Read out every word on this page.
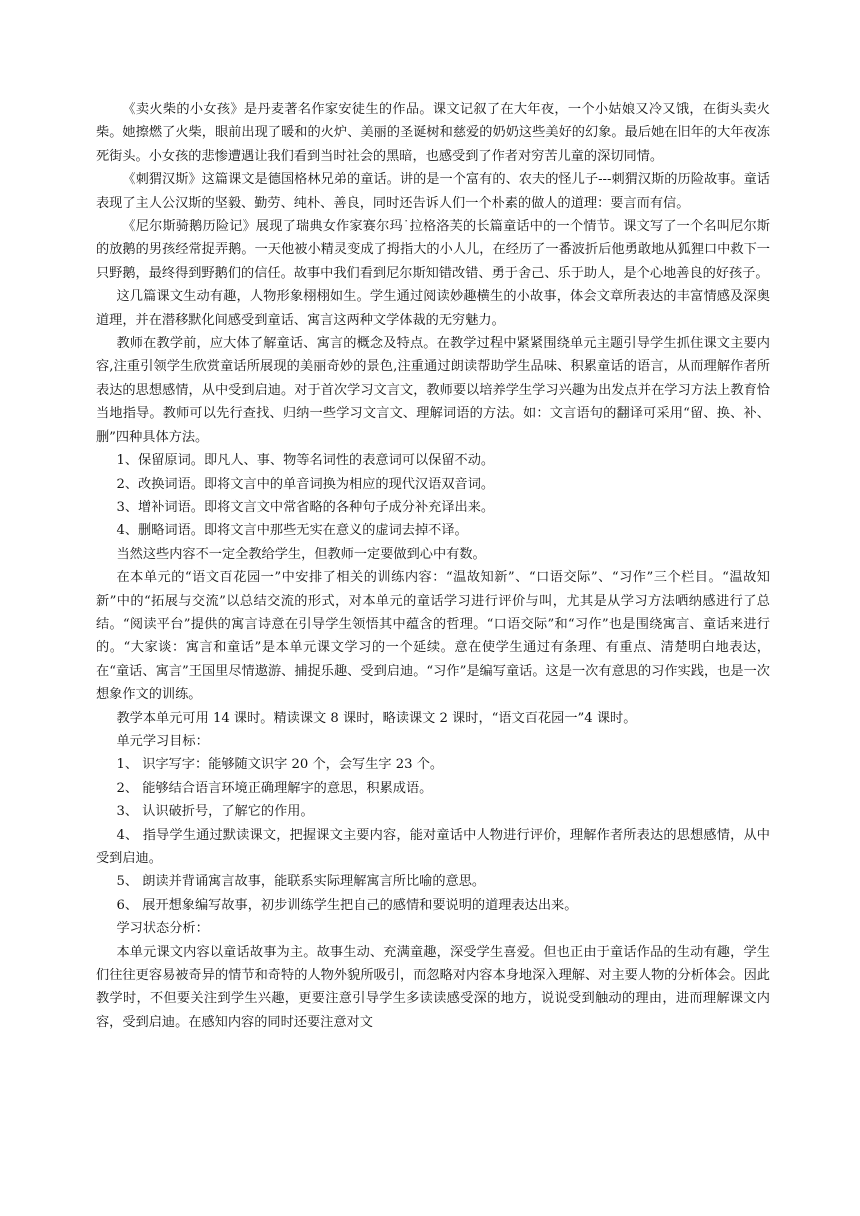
《卖火柴的小女孩》是丹麦著名作家安徒生的作品。课文记叙了在大年夜，一个小姑娘又冷又饿，在街头卖火柴。她擦燃了火柴，眼前出现了暖和的火炉、美丽的圣诞树和慈爱的奶奶这些美好的幻象。最后她在旧年的大年夜冻死街头。小女孩的悲惨遭遇让我们看到当时社会的黑暗，也感受到了作者对穷苦儿童的深切同情。

《刺猬汉斯》这篇课文是德国格林兄弟的童话。讲的是一个富有的、农夫的怪儿子---刺猬汉斯的历险故事。童话表现了主人公汉斯的坚毅、勤劳、纯朴、善良，同时还告诉人们一个朴素的做人的道理：要言而有信。

《尼尔斯骑鹅历险记》展现了瑞典女作家赛尔玛˙拉格洛芙的长篇童话中的一个情节。课文写了一个名叫尼尔斯的放鹅的男孩经常捉弄鹅。一天他被小精灵变成了拇指大的小人儿，在经历了一番波折后他勇敢地从狐狸口中救下一只野鹅，最终得到野鹅们的信任。故事中我们看到尼尔斯知错改错、勇于舍己、乐于助人，是个心地善良的好孩子。

这几篇课文生动有趣，人物形象栩栩如生。学生通过阅读妙趣横生的小故事，体会文章所表达的丰富情感及深奥道理，并在潜移默化间感受到童话、寓言这两种文学体裁的无穷魅力。

教师在教学前，应大体了解童话、寓言的概念及特点。在教学过程中紧紧围绕单元主题引导学生抓住课文主要内容,注重引领学生欣赏童话所展现的美丽奇妙的景色,注重通过朗读帮助学生品味、积累童话的语言，从而理解作者所表达的思想感情，从中受到启迪。对于首次学习文言文，教师要以培养学生学习兴趣为出发点并在学习方法上教育恰当地指导。教师可以先行查找、归纳一些学习文言文、理解词语的方法。如：文言语句的翻译可采用“留、换、补、删”四种具体方法。

1、保留原词。即凡人、事、物等名词性的表意词可以保留不动。

2、改换词语。即将文言中的单音词换为相应的现代汉语双音词。

3、增补词语。即将文言文中常省略的各种句子成分补充译出来。

4、删略词语。即将文言中那些无实在意义的虚词去掉不译。

当然这些内容不一定全教给学生，但教师一定要做到心中有数。

在本单元的“语文百花园一”中安排了相关的训练内容：“温故知新”、“口语交际”、“习作”三个栏目。“温故知新”中的“拓展与交流”以总结交流的形式，对本单元的童话学习进行评价与叫，尤其是从学习方法哂纳感进行了总结。“阅读平台”提供的寓言诗意在引导学生领悟其中蕴含的哲理。“口语交际”和“习作”也是围绕寓言、童话来进行的。“大家谈：寓言和童话”是本单元课文学习的一个延续。意在使学生通过有条理、有重点、清楚明白地表达，在“童话、寓言”王国里尽情遨游、捕捉乐趣、受到启迪。“习作”是编写童话。这是一次有意思的习作实践，也是一次想象作文的训练。

教学本单元可用 14 课时。精读课文 8 课时，略读课文 2 课时，“语文百花园一”4 课时。

单元学习目标：

1、 识字写字：能够随文识字 20 个，会写生字 23 个。

2、 能够结合语言环境正确理解字的意思，积累成语。

3、 认识破折号，了解它的作用。

4、 指导学生通过默读课文，把握课文主要内容，能对童话中人物进行评价，理解作者所表达的思想感情，从中受到启迪。

5、 朗读并背诵寓言故事，能联系实际理解寓言所比喻的意思。

6、 展开想象编写故事，初步训练学生把自己的感情和要说明的道理表达出来。

学习状态分析：

本单元课文内容以童话故事为主。故事生动、充满童趣，深受学生喜爱。但也正由于童话作品的生动有趣，学生们往往更容易被奇异的情节和奇特的人物外貌所吸引，而忽略对内容本身地深入理解、对主要人物的分析体会。因此教学时，不但要关注到学生兴趣，更要注意引导学生多读读感受深的地方，说说受到触动的理由，进而理解课文内容，受到启迪。在感知内容的同时还要注意对文
